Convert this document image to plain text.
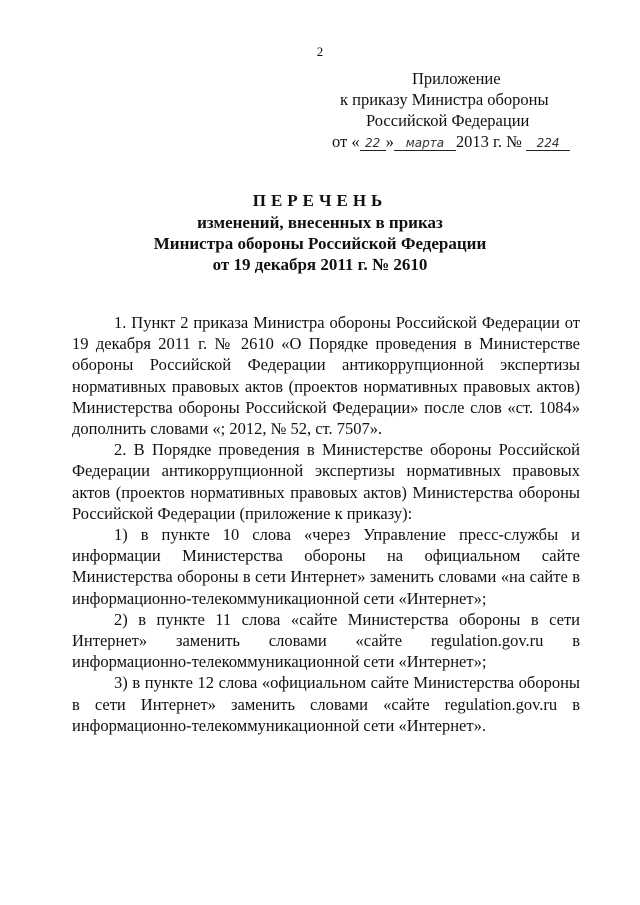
2
Приложение
к приказу Министра обороны
Российской Федерации
от « 22 » марта 2013 г. № 224
ПЕРЕЧЕНЬ
изменений, внесенных в приказ
Министра обороны Российской Федерации
от 19 декабря 2011 г. № 2610

1. Пункт 2 приказа Министра обороны Российской Федерации от 19 декабря 2011 г. № 2610 «О Порядке проведения в Министерстве обороны Российской Федерации антикоррупционной экспертизы нормативных правовых актов (проектов нормативных правовых актов) Министерства обороны Российской Федерации» после слов «ст. 1084» дополнить словами «; 2012, № 52, ст. 7507».

2. В Порядке проведения в Министерстве обороны Российской Федерации антикоррупционной экспертизы нормативных правовых актов (проектов нормативных правовых актов) Министерства обороны Российской Федерации (приложение к приказу):

1) в пункте 10 слова «через Управление пресс-службы и информации Министерства обороны на официальном сайте Министерства обороны в сети Интернет» заменить словами «на сайте в информационно-телекоммуникационной сети «Интернет»;

2) в пункте 11 слова «сайте Министерства обороны в сети Интернет» заменить словами «сайте regulation.gov.ru в информационно-телекоммуникационной сети «Интернет»;

3) в пункте 12 слова «официальном сайте Министерства обороны в сети Интернет» заменить словами «сайте regulation.gov.ru в информационно-телекоммуникационной сети «Интернет».
